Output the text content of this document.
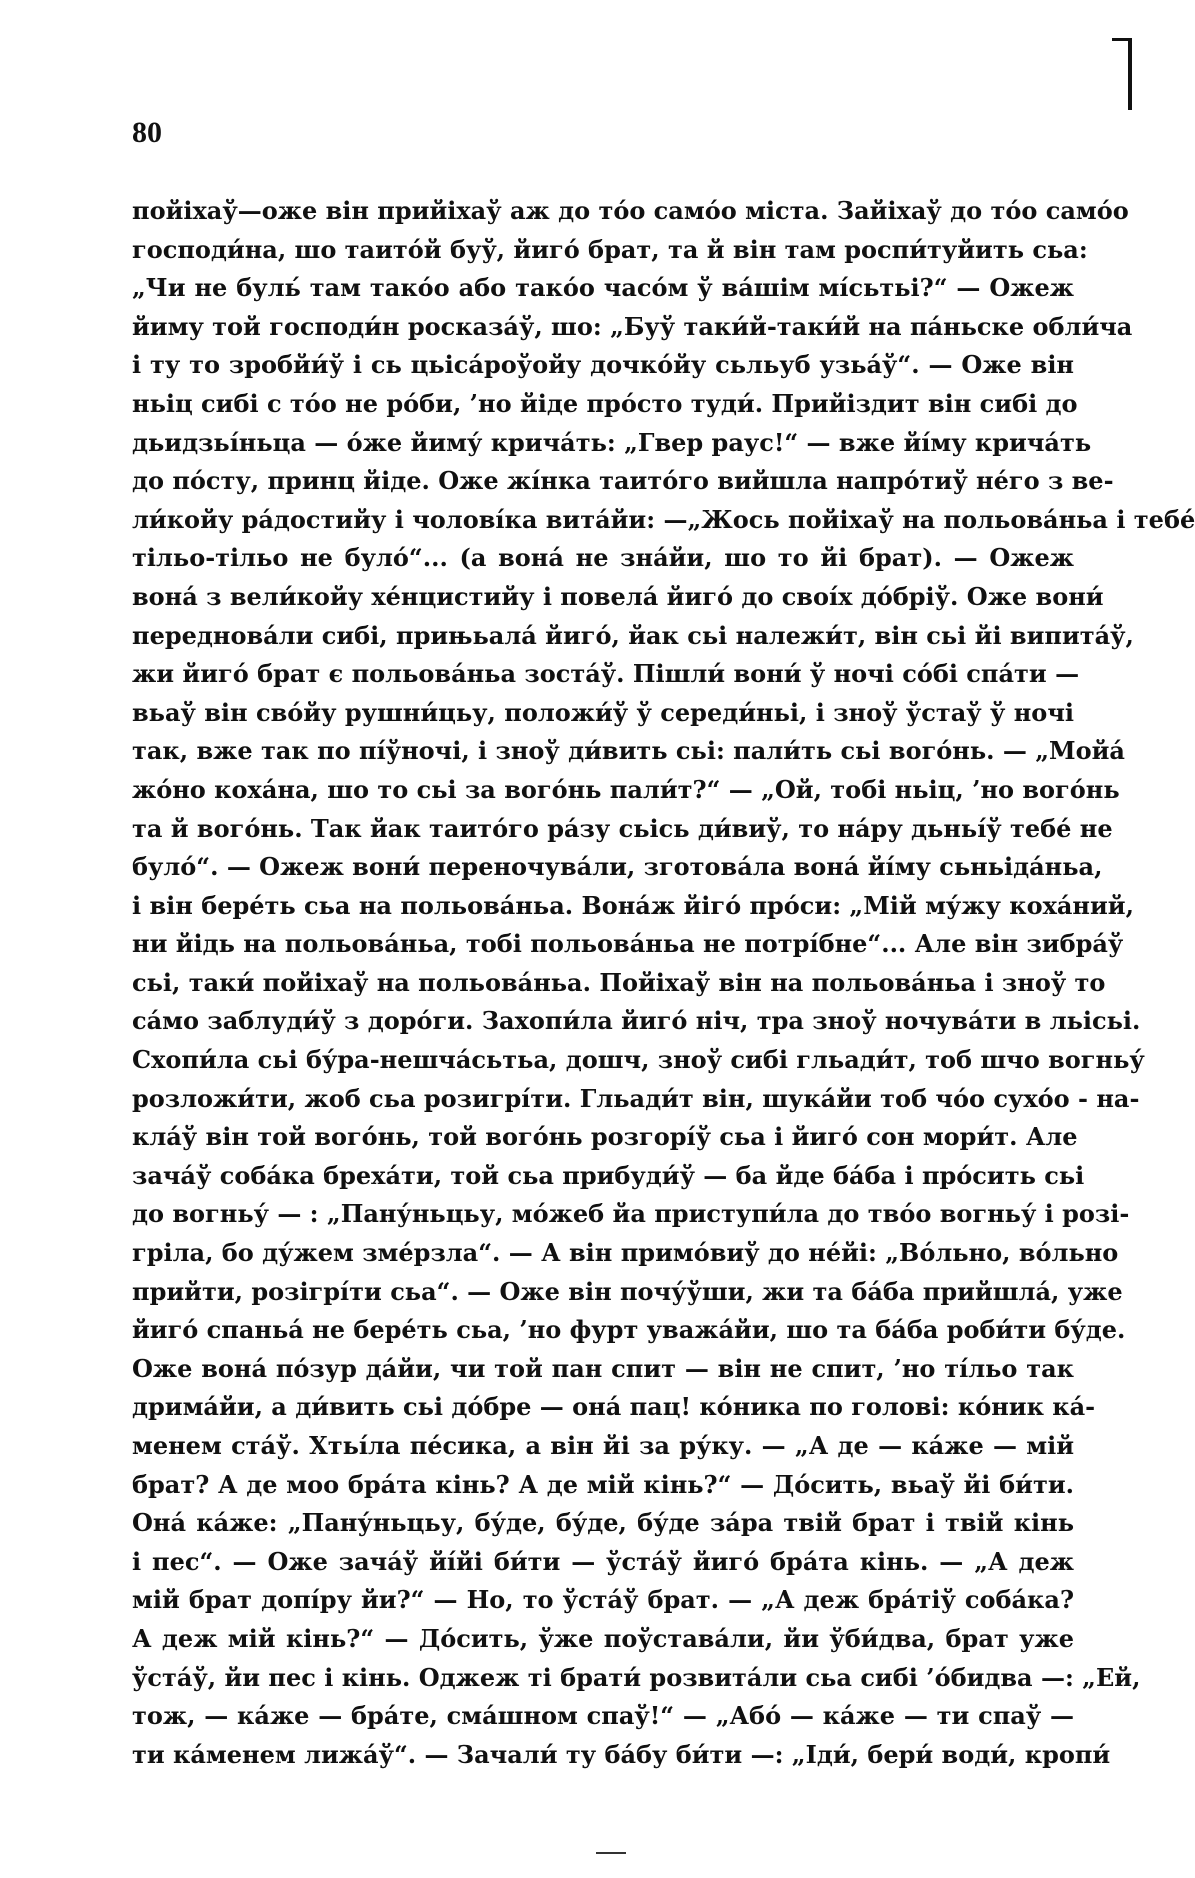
80
пойіхаў—оже він прийіхаў аж до тóо самóо міста. Зайіхаў до тóо самóо
господи́на, шо таитóй буў, йигó брат, та й він там роспи́туйить сьа:
„Чи не буль́ там такóо або такóо часóм ў ва́шім мі́сьтьі?“ — Ожеж
йиму той господи́н росказа́ў, шо: „Буў таки́й-таки́й на па́ньске обли́ча
і ту то зробйи́ў і сь цьіса́роўойу дочкóйу сьльуб узьа́ў“. — Оже він
ньіц сибі с тóо не рóби, ’но йіде прóсто туди́. Прийіздит він сибі до
дьидзьі́ньца — óже йиму́ кричáть: „Гвер раус!“ — вже йі́му кричáть
до пóсту, принц йіде. Оже жі́нка таитóго вийшла напрóтиў нéго з ве-
ли́койу ра́достийу і чоловíка витáйи: —„Жось пойіхаў на польова́ньа і тебé
тільо-тільо не було́“... (а вонá не знáйи, шо то йі брат). — Ожеж
вонá з вели́койу хéнцистийу і повела́ йигó до своі́х дóбріў. Оже вони́
переднова́ли сибі, прињьала́ йигó, йак сьі належи́т, він сьі йі випита́ў,
жи йигó брат є польова́ньа зоста́ў. Пішли́ вони́ ў ночі сóбі спáти —
вьаў він свóйу рушни́цьу, положи́ў ў середи́ньі, і зноў ўстаў ў ночі
так, вже так по пі́ўночі, і зноў ди́вить сьі: пали́ть сьі вогóнь. — „Мойа́
жóно коха́на, шо то сьі за вогóнь пали́т?“ — „Ой, тобі ньіц, ’но вогóнь
та й вогóнь. Так йак таитóго ра́зу сьісь ди́виў, то на́ру дьньі́ў тебé не
було́“. — Ожеж вони́ переночува́ли, зготова́ла вонá йі́му сьньіда́ньа,
і він берéть сьа на польова́ньа. Вона́ж йігó прóси: „Мій му́жу коха́ний,
ни йідь на польова́ньа, тобі польова́ньа не потрі́бне“... Але він зибра́ў
сьі, таки́ пойіхаў на польова́ньа. Пойіхаў він на польова́ньа і зноў то
са́мо заблуди́ў з дорóги. Захопи́ла йигó ніч, тра зноў ночува́ти в льісьі.
Схопи́ла сьі бу́ра-нешча́сьтьа, дошч, зноў сибі гльади́т, тоб шчо вогньу́
розложи́ти, жоб сьа розигрі́ти. Гльади́т він, шука́йи тоб чóо сухóо - на-
кла́ў він той вогóнь, той вогóнь розгорі́ў сьа і йигó сон мори́т. Але
зача́ў соба́ка бреха́ти, той сьа прибуди́ў — ба йде ба́ба і прóсить сьі
до вогньу́ — : „Пану́ньцьу, мóжеб йа приступи́ла до твóо вогньу́ і розі-
гріла, бо ду́жем змéрзла“. — А він примóвиў до нéйі: „Вóльно, вóльно
прийти, розігрі́ти сьа“. — Оже він почу́ўши, жи та ба́ба прийшла́, уже
йигó спаньа́ не берéть сьа, ’но фурт уважа́йи, шо та ба́ба роби́ти бу́де.
Оже вонá пóзур да́йи, чи той пан спит — він не спит, ’но тíльо так
дрима́йи, а ди́вить сьі дóбре — онá пац! кóника по голові: кóник ка́-
менем ста́ў. Хтьі́ла пéсика, а він йі за ру́ку. — „А де — ка́же — мій
брат? А де моо бра́та кінь? А де мій кінь?“ — Дóсить, вьаў йі би́ти.
Онá ка́же: „Пану́ньцьу, бу́де, бу́де, бу́де за́ра твій брат і твій кінь
і пес“. — Оже зача́ў йі́йі би́ти — ўста́ў йигó бра́та кінь. — „А деж
мій брат допі́ру йи?“ — Но, то ўста́ў брат. — „А деж бра́тіў собáка?
А деж мій кінь?“ — Дóсить, ўже поўстава́ли, йи ўби́два, брат уже
ўста́ў, йи пес і кінь. Оджеж ті брати́ розвита́ли сьа сибі ’óбидва —: „Ей,
тож, — ка́же — бра́те, смáшном спаў!“ — „Абó — ка́же — ти спаў —
ти ка́менем лижа́ў“. — Зачали́ ту ба́бу би́ти —: „Іди́, бери́ води́, кропи́
